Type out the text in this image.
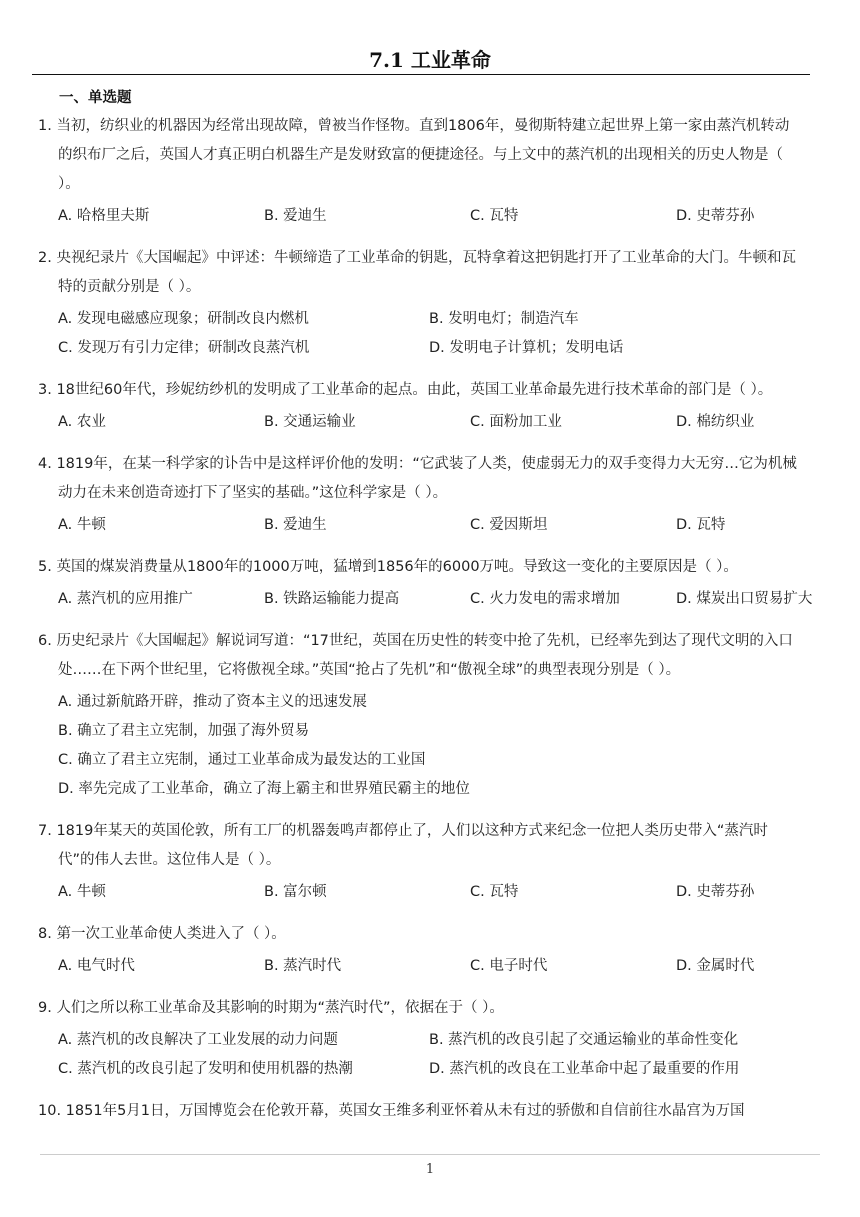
7.1 工业革命
一、单选题
1. 当初，纺织业的机器因为经常出现故障，曾被当作怪物。直到1806年，曼彻斯特建立起世界上第一家由蒸汽机转动的织布厂之后，英国人才真正明白机器生产是发财致富的便捷途径。与上文中的蒸汽机的出现相关的历史人物是（ ）。
A. 哈格里夫斯	B. 爱迪生	C. 瓦特	D. 史蒂芬孙
2. 央视纪录片《大国崛起》中评述：牛顿缔造了工业革命的钥匙，瓦特拿着这把钥匙打开了工业革命的大门。牛顿和瓦特的贡献分别是（ ）。
A. 发现电磁感应现象；研制改良内燃机	B. 发明电灯；制造汽车
C. 发现万有引力定律；研制改良蒸汽机	D. 发明电子计算机；发明电话
3. 18世纪60年代，珍妮纺纱机的发明成了工业革命的起点。由此，英国工业革命最先进行技术革命的部门是（ ）。
A. 农业	B. 交通运输业	C. 面粉加工业	D. 棉纺织业
4. 1819年，在某一科学家的讣告中是这样评价他的发明：“它武装了人类，使虚弱无力的双手变得力大无穷…它为机械动力在未来创造奇迹打下了坚实的基础。”这位科学家是（ ）。
A. 牛顿	B. 爱迪生	C. 爱因斯坦	D. 瓦特
5. 英国的煤炭消费量从1800年的1000万吨，猛增到1856年的6000万吨。导致这一变化的主要原因是（ ）。
A. 蒸汽机的应用推广	B. 铁路运输能力提高	C. 火力发电的需求增加	D. 煤炭出口贸易扩大
6. 历史纪录片《大国崛起》解说词写道：“17世纪，英国在历史性的转变中抢了先机，已经率先到达了现代文明的入口处……在下两个世纪里，它将傲视全球。”英国“抢占了先机”和“傲视全球”的典型表现分别是（ ）。
A. 通过新航路开辟，推动了资本主义的迅速发展
B. 确立了君主立宪制，加强了海外贸易
C. 确立了君主立宪制，通过工业革命成为最发达的工业国
D. 率先完成了工业革命，确立了海上霸主和世界殖民霸主的地位
7. 1819年某天的英国伦敦，所有工厂的机器轰鸣声都停止了，人们以这种方式来纪念一位把人类历史带入“蒸汽时代”的伟人去世。这位伟人是（ ）。
A. 牛顿	B. 富尔顿	C. 瓦特	D. 史蒂芬孙
8. 第一次工业革命使人类进入了（ ）。
A. 电气时代	B. 蒸汽时代	C. 电子时代	D. 金属时代
9. 人们之所以称工业革命及其影响的时期为“蒸汽时代”，依据在于（ ）。
A. 蒸汽机的改良解决了工业发展的动力问题	B. 蒸汽机的改良引起了交通运输业的革命性变化
C. 蒸汽机的改良引起了发明和使用机器的热潮	D. 蒸汽机的改良在工业革命中起了最重要的作用
10. 1851年5月1日，万国博览会在伦敦开幕，英国女王维多利亚怀着从未有过的骄傲和自信前往水晶宫为万国
1
